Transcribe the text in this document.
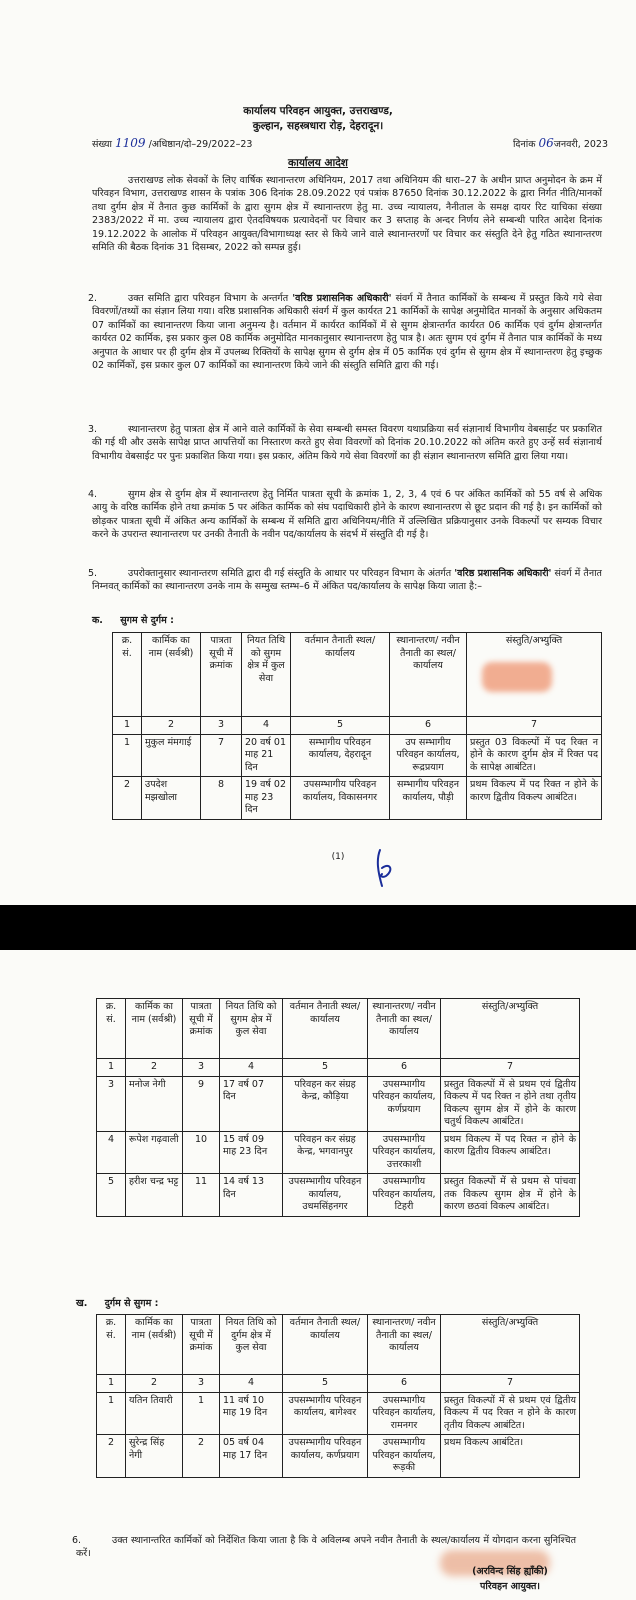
कार्यालय परिवहन आयुक्त, उत्तराखण्ड,
कुल्हान, सहस्त्रधारा रोड़, देहरादून।
संख्या 1109 /अधिष्ठान/दो–29/2022–23	दिनांक 06जनवरी, 2023
कार्यालय आदेश
उत्तराखण्ड लोक सेवकों के लिए वार्षिक स्थानान्तरण अधिनियम, 2017 तथा अधिनियम की धारा–27 के अधीन प्राप्त अनुमोदन के क्रम में परिवहन विभाग, उत्तराखण्ड शासन के पत्रांक 306 दिनांक 28.09.2022 एवं पत्रांक 87650 दिनांक 30.12.2022 के द्वारा निर्गत नीति/मानकों तथा दुर्गम क्षेत्र में तैनात कुछ कार्मिकों के द्वारा सुगम क्षेत्र में स्थानान्तरण हेतु मा. उच्च न्यायालय, नैनीताल के समक्ष दायर रिट याचिका संख्या 2383/2022 में मा. उच्च न्यायालय द्वारा ऐतदविषयक प्रत्यावेदनों पर विचार कर 3 सप्ताह के अन्दर निर्णय लेने सम्बन्धी पारित आदेश दिनांक 19.12.2022 के आलोक में परिवहन आयुक्त/विभागाध्यक्ष स्तर से किये जाने वाले स्थानान्तरणों पर विचार कर संस्तुति देने हेतु गठित स्थानान्तरण समिति की बैठक दिनांक 31 दिसम्बर, 2022 को सम्पन्न हुई।
2.	उक्त समिति द्वारा परिवहन विभाग के अन्तर्गत 'वरिष्ठ प्रशासनिक अधिकारी' संवर्ग में तैनात कार्मिकों के सम्बन्ध में प्रस्तुत किये गये सेवा विवरणों/तथ्यों का संज्ञान लिया गया। वरिष्ठ प्रशासनिक अधिकारी संवर्ग में कुल कार्यरत 21 कार्मिकों के सापेक्ष अनुमोदित मानकों के अनुसार अधिकतम 07 कार्मिकों का स्थानान्तरण किया जाना अनुमन्य है। वर्तमान में कार्यरत कार्मिकों में से सुगम क्षेत्रान्तर्गत कार्यरत 06 कार्मिक एवं दुर्गम क्षेत्रान्तर्गत कार्यरत 02 कार्मिक, इस प्रकार कुल 08 कार्मिक अनुमोदित मानकानुसार स्थानान्तरण हेतु पात्र है। अतः सुगम एवं दुर्गम में तैनात पात्र कार्मिकों के मध्य अनुपात के आधार पर ही दुर्गम क्षेत्र में उपलब्ध रिक्तियों के सापेक्ष सुगम से दुर्गम क्षेत्र में 05 कार्मिक एवं दुर्गम से सुगम क्षेत्र में स्थानान्तरण हेतु इच्छुक 02 कार्मिकों, इस प्रकार कुल 07 कार्मिकों का स्थानान्तरण किये जाने की संस्तुति समिति द्वारा की गई।
3.	स्थानान्तरण हेतु पात्रता क्षेत्र में आने वाले कार्मिकों के सेवा सम्बन्धी समस्त विवरण यथाप्रक्रिया सर्व संज्ञानार्थ विभागीय वेबसाईट पर प्रकाशित की गई थी और उसके सापेक्ष प्राप्त आपत्तियों का निस्तारण करते हुए सेवा विवरणों को दिनांक 20.10.2022 को अंतिम करते हुए उन्हें सर्व संज्ञानार्थ विभागीय वेबसाईट पर पुनः प्रकाशित किया गया। इस प्रकार, अंतिम किये गये सेवा विवरणों का ही संज्ञान स्थानान्तरण समिति द्वारा लिया गया।
4.	सुगम क्षेत्र से दुर्गम क्षेत्र में स्थानान्तरण हेतु निर्मित पात्रता सूची के क्रमांक 1, 2, 3, 4 एवं 6 पर अंकित कार्मिकों को 55 वर्ष से अधिक आयु के वरिष्ठ कार्मिक होने तथा क्रमांक 5 पर अंकित कार्मिक को संघ पदाधिकारी होने के कारण स्थानान्तरण से छूट प्रदान की गई है। इन कार्मिकों को छोड़कर पात्रता सूची में अंकित अन्य कार्मिकों के सम्बन्ध में समिति द्वारा अधिनियम/नीति में उल्लिखित प्रक्रियानुसार उनके विकल्पों पर सम्यक विचार करने के उपरान्त स्थानान्तरण पर उनकी तैनाती के नवीन पद/कार्यालय के संदर्भ में संस्तुति दी गई है।
5.	उपरोक्तानुसार स्थानान्तरण समिति द्वारा दी गई संस्तुति के आधार पर परिवहन विभाग के अंतर्गत 'वरिष्ठ प्रशासनिक अधिकारी' संवर्ग में तैनात निम्नवत् कार्मिकों का स्थानान्तरण उनके नाम के सम्मुख स्तम्भ–6 में अंकित पद/कार्यालय के सापेक्ष किया जाता है:–
क. सुगम से दुर्गम :
क्र. सं.	कार्मिक का नाम (सर्वश्री)	पात्रता सूची में क्रमांक	नियत तिथि को सुगम क्षेत्र में कुल सेवा	वर्तमान तैनाती स्थल/कार्यालय	स्थानान्तरण/ नवीन तैनाती का स्थल/ कार्यालय	संस्तुति/अभ्युक्ति
1	2	3	4	5	6	7
1	मुकुल मंमगाई	7	20 वर्ष 01 माह 21 दिन	सम्भागीय परिवहन कार्यालय, देहरादून	उप सम्भागीय परिवहन कार्यालय, रूद्रप्रयाग	प्रस्तुत 03 विकल्पों में पद रिक्त न होने के कारण दुर्गम क्षेत्र में रिक्त पद के सापेक्ष आबंटित।
2	उपदेश मझखोला	8	19 वर्ष 02 माह 23 दिन	उपसम्भागीय परिवहन कार्यालय, विकासनगर	सम्भागीय परिवहन कार्यालय, पौड़ी	प्रथम विकल्प में पद रिक्त न होने के कारण द्वितीय विकल्प आबंटित।
(1)
क्र. सं.	कार्मिक का नाम (सर्वश्री)	पात्रता सूची में क्रमांक	नियत तिथि को सुगम क्षेत्र में कुल सेवा	वर्तमान तैनाती स्थल/कार्यालय	स्थानान्तरण/ नवीन तैनाती का स्थल/ कार्यालय	संस्तुति/अभ्युक्ति
1	2	3	4	5	6	7
3	मनोज नेगी	9	17 वर्ष 07 दिन	परिवहन कर संग्रह केन्द्र, कौड़िया	उपसम्भागीय परिवहन कार्यालय, कर्णप्रयाग	प्रस्तुत विकल्पों में से प्रथम एवं द्वितीय विकल्प में पद रिक्त न होने तथा तृतीय विकल्प सुगम क्षेत्र में होने के कारण चतुर्थ विकल्प आबंटित।
4	रूपेश गढ़वाली	10	15 वर्ष 09 माह 23 दिन	परिवहन कर संग्रह केन्द्र, भगवानपुर	उपसम्भागीय परिवहन कार्यालय, उत्तरकाशी	प्रथम विकल्प में पद रिक्त न होने के कारण द्वितीय विकल्प आबंटित।
5	हरीश चन्द्र भट्ट	11	14 वर्ष 13 दिन	उपसम्भागीय परिवहन कार्यालय, उधमसिंहनगर	उपसम्भागीय परिवहन कार्यालय, टिहरी	प्रस्तुत विकल्पों में से प्रथम से पांचवा तक विकल्प सुगम क्षेत्र में होने के कारण छठवां विकल्प आबंटित।
ख. दुर्गम से सुगम :
क्र. सं.	कार्मिक का नाम (सर्वश्री)	पात्रता सूची में क्रमांक	नियत तिथि को दुर्गम क्षेत्र में कुल सेवा	वर्तमान तैनाती स्थल/कार्यालय	स्थानान्तरण/ नवीन तैनाती का स्थल/ कार्यालय	संस्तुति/अभ्युक्ति
1	2	3	4	5	6	7
1	यतिन तिवारी	1	11 वर्ष 10 माह 19 दिन	उपसम्भागीय परिवहन कार्यालय, बागेश्वर	उपसम्भागीय परिवहन कार्यालय, रामनगर	प्रस्तुत विकल्पों में से प्रथम एवं द्वितीय विकल्प में पद रिक्त न होने के कारण तृतीय विकल्प आबंटित।
2	सुरेन्द्र सिंह नेगी	2	05 वर्ष 04 माह 17 दिन	उपसम्भागीय परिवहन कार्यालय, कर्णप्रयाग	उपसम्भागीय परिवहन कार्यालय, रूड़की	प्रथम विकल्प आबंटित।
6.	उक्त स्थानान्तरित कार्मिकों को निर्देशित किया जाता है कि वे अविलम्ब अपने नवीन तैनाती के स्थल/कार्यालय में योगदान करना सुनिश्चित करें।
(अरविन्द सिंह ह्याँकी)
परिवहन आयुक्त।
